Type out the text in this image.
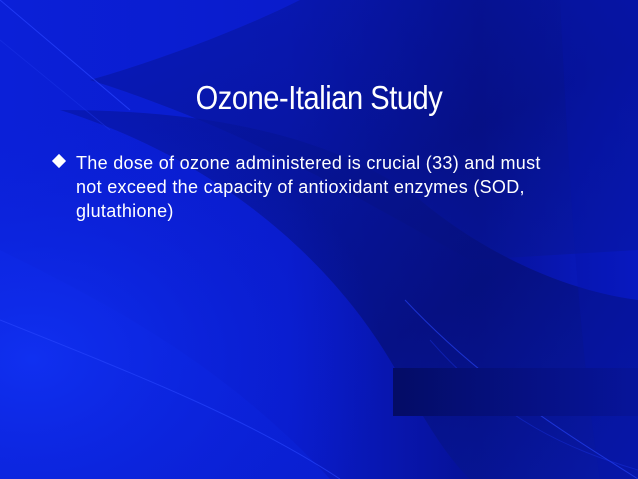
Ozone-Italian Study
The dose of ozone administered is crucial (33) and must not exceed the capacity of antioxidant enzymes (SOD, glutathione)
